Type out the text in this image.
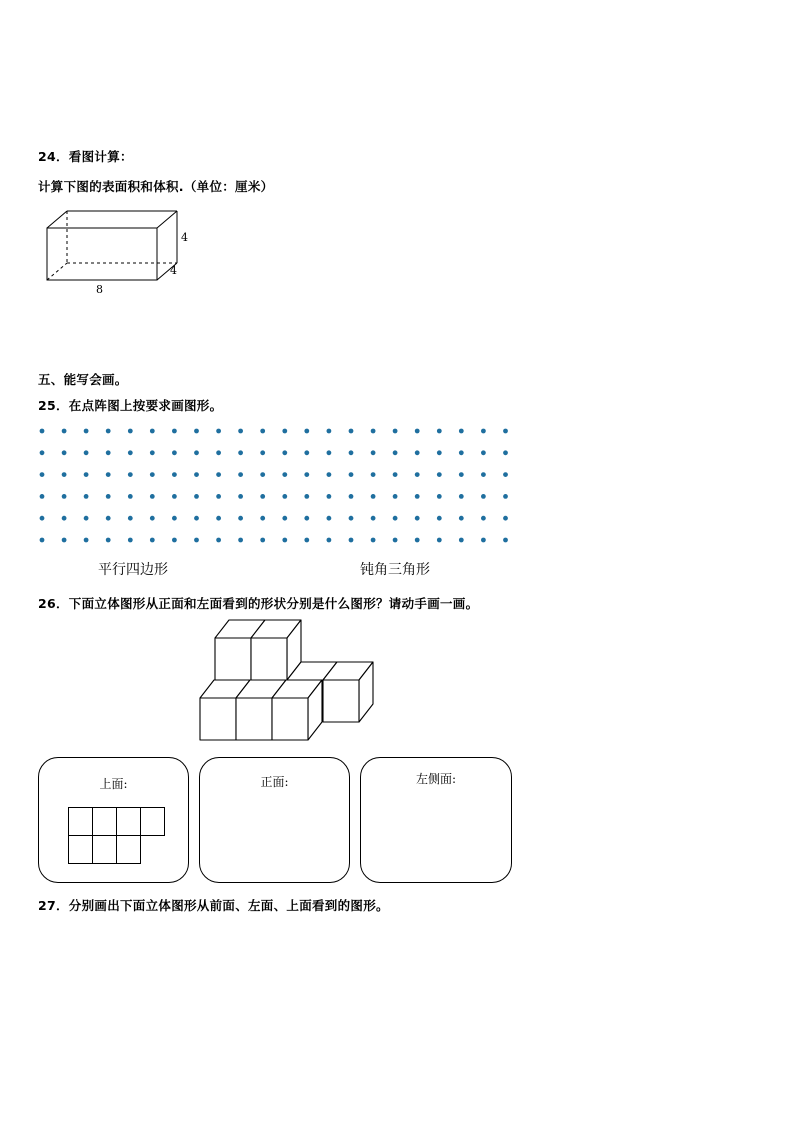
24．看图计算：
计算下图的表面积和体积.（单位：厘米）
4
4
8
五、能写会画。
25．在点阵图上按要求画图形。
平行四边形	钝角三角形
26．下面立体图形从正面和左面看到的形状分别是什么图形？请动手画一画。
上面:	正面:	左侧面:
27．分别画出下面立体图形从前面、左面、上面看到的图形。
